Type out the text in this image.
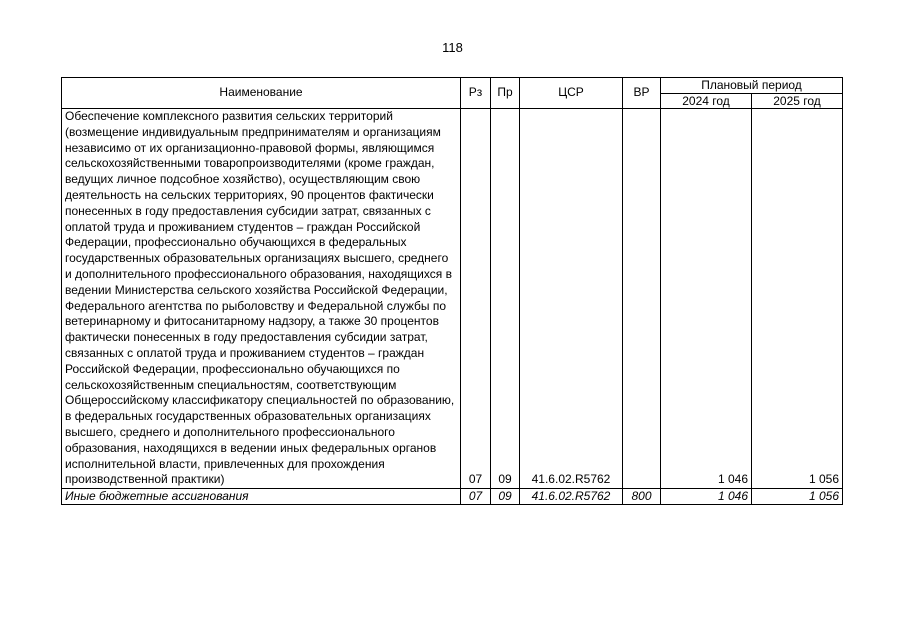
118
Наименование	Рз	Пр	ЦСР	ВР	Плановый период	
					2024 год	2025 год
Обеспечение комплексного развития сельских территорий (возмещение индивидуальным предпринимателям и организациям независимо от их организационно-правовой формы, являющимся сельскохозяйственными товаропроизводителями (кроме граждан, ведущих личное подсобное хозяйство), осуществляющим свою деятельность на сельских территориях, 90 процентов фактически понесенных в году предоставления субсидии затрат, связанных с оплатой труда и проживанием студентов – граждан Российской Федерации, профессионально обучающихся в федеральных государственных образовательных организациях высшего, среднего и дополнительного профессионального образования, находящихся в ведении Министерства сельского хозяйства Российской Федерации, Федерального агентства по рыболовству и Федеральной службы по ветеринарному и фитосанитарному надзору, а также 30 процентов фактически понесенных в году предоставления субсидии затрат, связанных с оплатой труда и проживанием студентов – граждан Российской Федерации, профессионально обучающихся по сельскохозяйственным специальностям, соответствующим Общероссийскому классификатору специальностей по образованию, в федеральных государственных образовательных организациях высшего, среднего и дополнительного профессионального образования, находящихся в ведении иных федеральных органов исполнительной власти, привлеченных для прохождения производственной практики)	07	09	41.6.02.R5762		1 046	1 056
Иные бюджетные ассигнования	07	09	41.6.02.R5762	800	1 046	1 056
